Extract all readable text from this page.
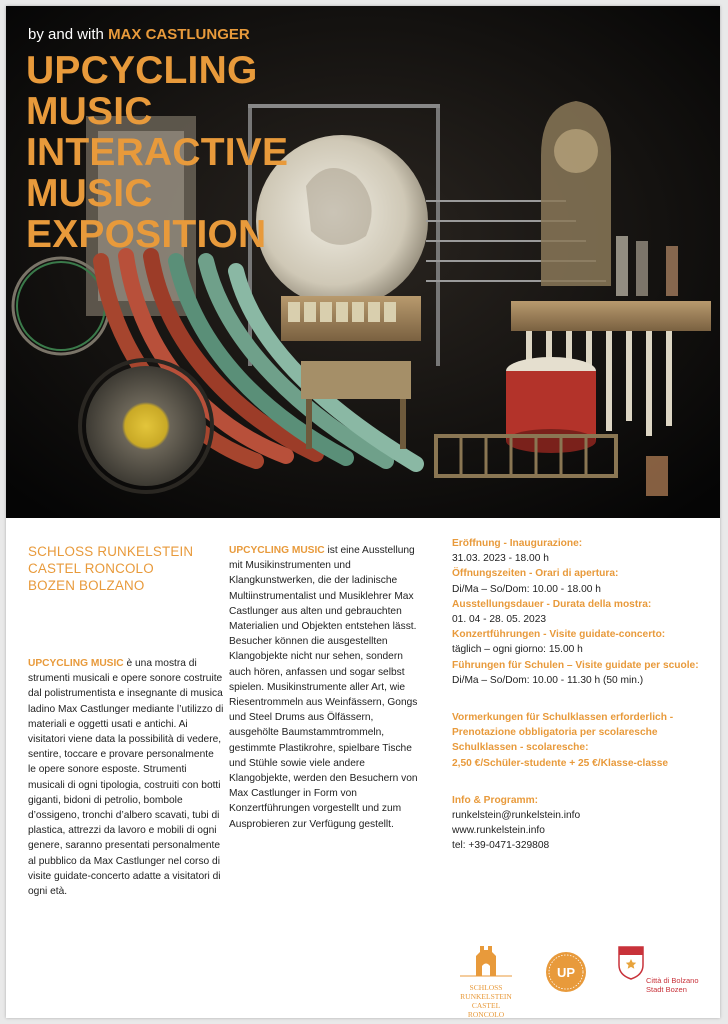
by and with MAX CASTLUNGER
UPCYCLING
MUSIC
INTERACTIVE
MUSIC
EXPOSITION
SCHLOSS RUNKELSTEIN
CASTEL RONCOLO
BOZEN BOLZANO

UPCYCLING MUSIC è una mostra di strumenti musicali e opere sonore costruite dal polistrumentista e insegnante di musica ladino Max Castlunger mediante l’utilizzo di materiali e oggetti usati e antichi. Ai visitatori viene data la possibilità di vedere, sentire, toccare e provare personalmente le opere sonore esposte. Strumenti musicali di ogni tipologia, costruiti con botti giganti, bidoni di petrolio, bombole d’ossigeno, tronchi d’albero scavati, tubi di plastica, attrezzi da lavoro e mobili di ogni genere, saranno presentati personalmente al pubblico da Max Castlunger nel corso di visite guidate-concerto adatte a visitatori di ogni età.

UPCYCLING MUSIC ist eine Ausstellung mit Musikinstrumenten und Klangkunstwerken, die der ladinische Multiinstrumentalist und Musiklehrer Max Castlunger aus alten und gebrauchten Materialien und Objekten entstehen lässt. Besucher können die ausgestellten Klangobjekte nicht nur sehen, sondern auch hören, anfassen und sogar selbst spielen. Musikinstrumente aller Art, wie Riesentrommeln aus Weinfässern, Gongs und Steel Drums aus Ölfässern, ausgehölte Baumstammtrommeln, gestimmte Plastikrohre, spielbare Tische und Stühle sowie viele andere Klangobjekte, werden den Besuchern von Max Castlunger in Form von Konzertführungen vorgestellt und zum Ausprobieren zur Verfügung gestellt.

Eröffnung - Inaugurazione:
31.03. 2023 - 18.00 h
Öffnungszeiten - Orari di apertura:
Di/Ma – So/Dom: 10.00 - 18.00 h
Ausstellungsdauer - Durata della mostra:
01. 04 - 28. 05. 2023
Konzertführungen - Visite guidate-concerto:
täglich – ogni giorno: 15.00 h
Führungen für Schulen – Visite guidate per scuole:
Di/Ma – So/Dom: 10.00 - 11.30 h (50 min.)
Vormerkungen für Schulklassen erforderlich -
Prenotazione obbligatoria per scolaresche
Schulklassen - scolaresche:
2,50 €/Schüler-studente + 25 €/Klasse-classe
Info & Programm:
runkelstein@runkelstein.info
www.runkelstein.info
tel: +39-0471-329808
SCHLOSS RUNKELSTEIN
CASTEL RONCOLO
UP
Città di Bolzano
Stadt Bozen
